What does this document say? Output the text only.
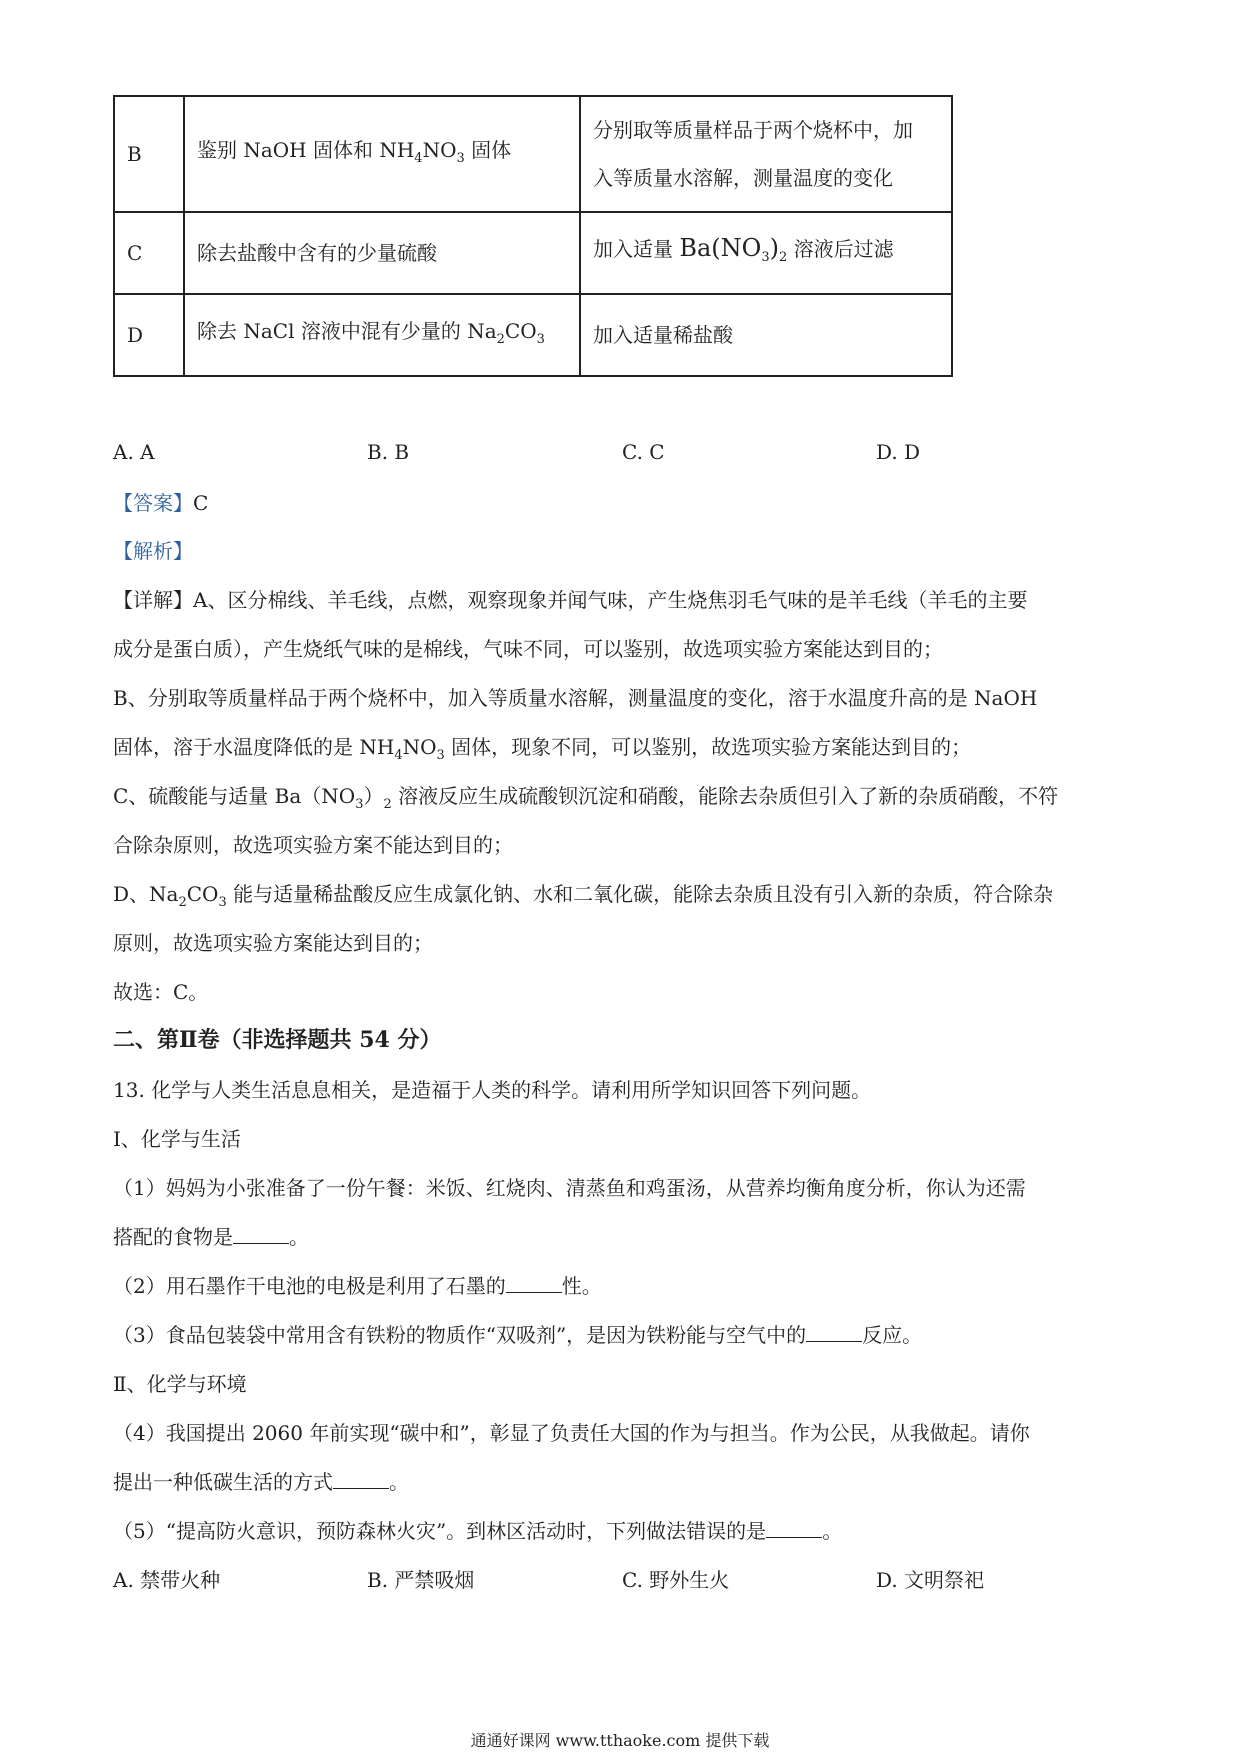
B	鉴别 NaOH 固体和 $NH_4NO_3$ 固体	分别取等质量样品于两个烧杯中，加
入等质量水溶解，测量温度的变化

C	除去盐酸中含有的少量硫酸	加入适量 $Ba(NO_3)_2$ 溶液后过滤
D	除去 NaCl 溶液中混有少量的 $Na_2CO_3$	加入适量稀盐酸
A. A	B. B	C. C	D. D
【答案】C
【解析】
【详解】A、区分棉线、羊毛线，点燃，观察现象并闻气味，产生烧焦羽毛气味的是羊毛线（羊毛的主要
成分是蛋白质），产生烧纸气味的是棉线，气味不同，可以鉴别，故选项实验方案能达到目的；
B、分别取等质量样品于两个烧杯中，加入等质量水溶解，测量温度的变化，溶于水温度升高的是 NaOH
固体，溶于水温度降低的是 $NH_4NO_3$ 固体，现象不同，可以鉴别，故选项实验方案能达到目的；
C、硫酸能与适量 $Ba(NO_3)_2$ 溶液反应生成硫酸钡沉淀和硝酸，能除去杂质但引入了新的杂质硝酸，不符
合除杂原则，故选项实验方案不能达到目的；
D、$Na_2CO_3$ 能与适量稀盐酸反应生成氯化钠、水和二氧化碳，能除去杂质且没有引入新的杂质，符合除杂
原则，故选项实验方案能达到目的；
故选：C。
二、第Ⅱ卷（非选择题共 54 分）
13. 化学与人类生活息息相关，是造福于人类的科学。请利用所学知识回答下列问题。
Ⅰ、化学与生活
（1）妈妈为小张准备了一份午餐：米饭、红烧肉、清蒸鱼和鸡蛋汤，从营养均衡角度分析，你认为还需
搭配的食物是	。
（2）用石墨作干电池的电极是利用了石墨的	性。
（3）食品包装袋中常用含有铁粉的物质作“双吸剂”，是因为铁粉能与空气中的	反应。
Ⅱ、化学与环境
（4）我国提出 2060 年前实现“碳中和”，彰显了负责任大国的作为与担当。作为公民，从我做起。请你
提出一种低碳生活的方式	。
（5）“提高防火意识，预防森林火灾”。到林区活动时，下列做法错误的是	。
A. 禁带火种	B. 严禁吸烟	C. 野外生火	D. 文明祭祀
通通好课网 www.tthaoke.com 提供下载
